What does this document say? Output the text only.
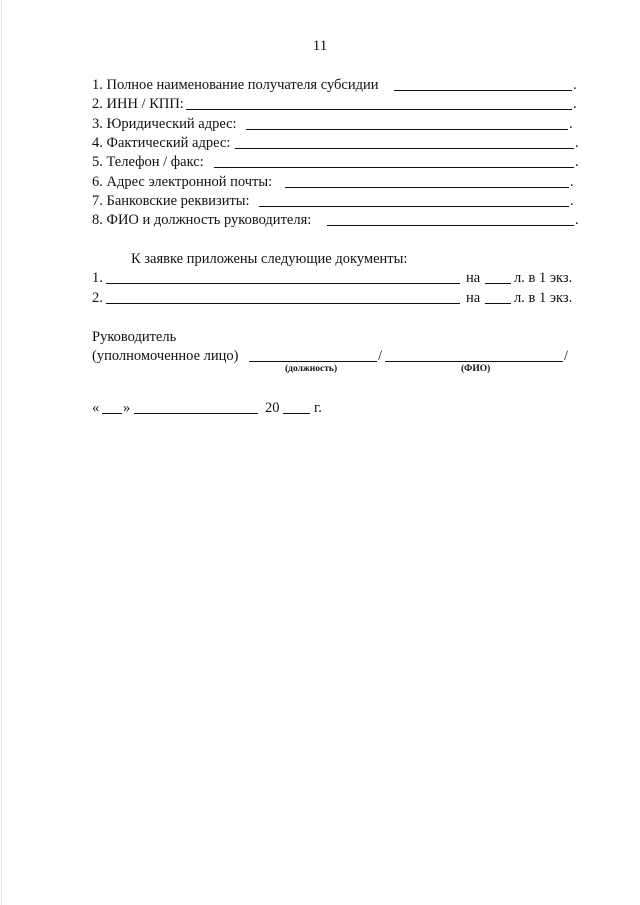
11
1. Полное наименование получателя субсидии	.
2. ИНН / КПП:	.
3. Юридический адрес:	.
4. Фактический адрес:	.
5. Телефон / факс:	.
6. Адрес электронной почты:	.
7. Банковские реквизиты:	.
8. ФИО и должность руководителя:	.
К заявке приложены следующие документы:
1.	на л. в 1 экз.
2.	на л. в 1 экз.
Руководитель
(уполномоченное лицо)	/	/
(должность)	(ФИО)
« »	20 г.
